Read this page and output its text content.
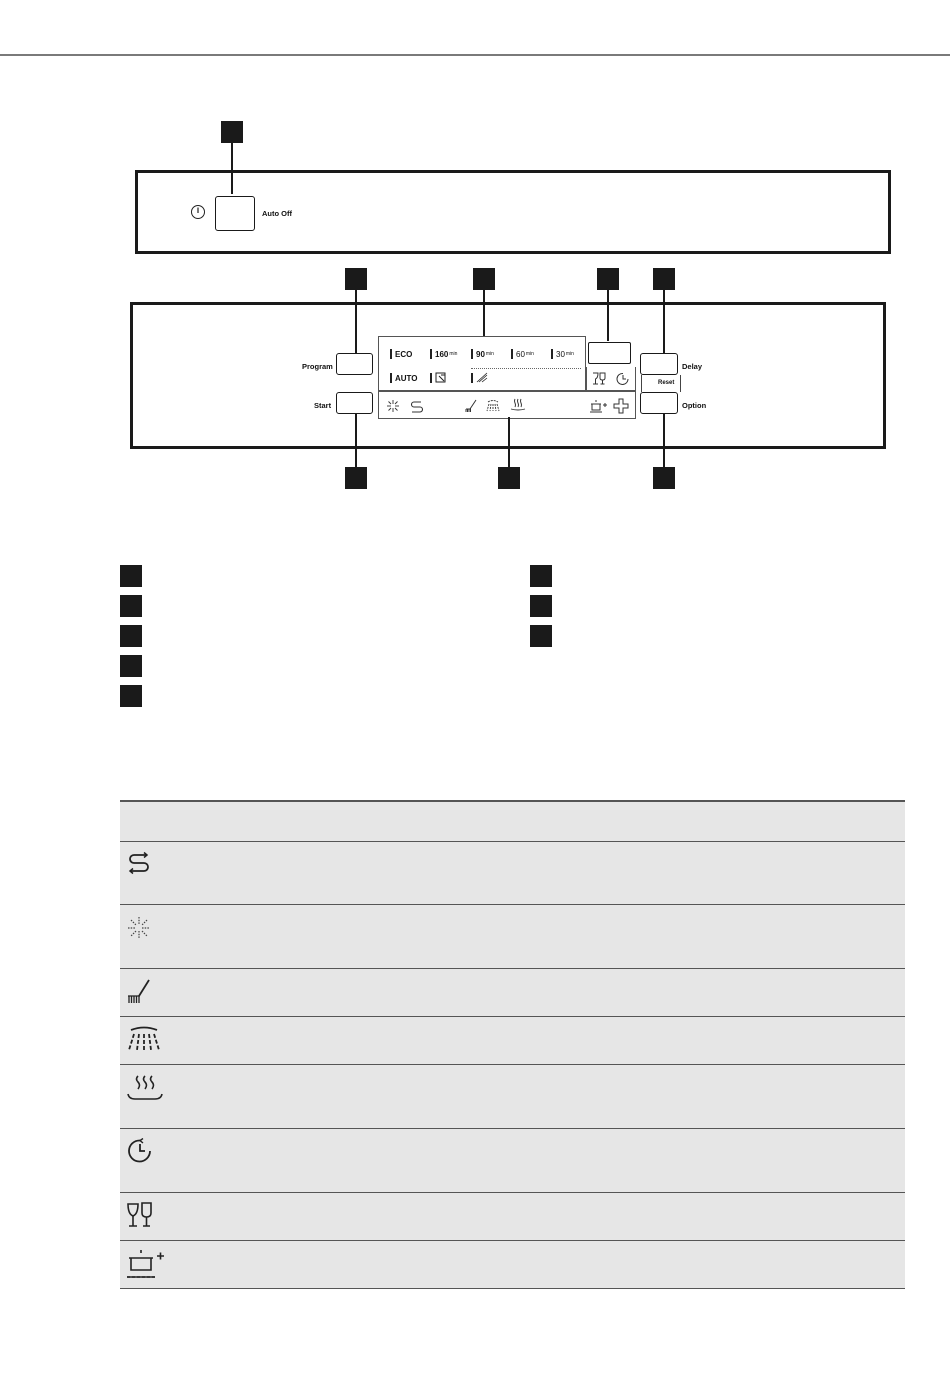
Auto Off
Program
Start
ECO	160 min 90 min	60 min	30 min
AUTO
Delay
Reset
Option
